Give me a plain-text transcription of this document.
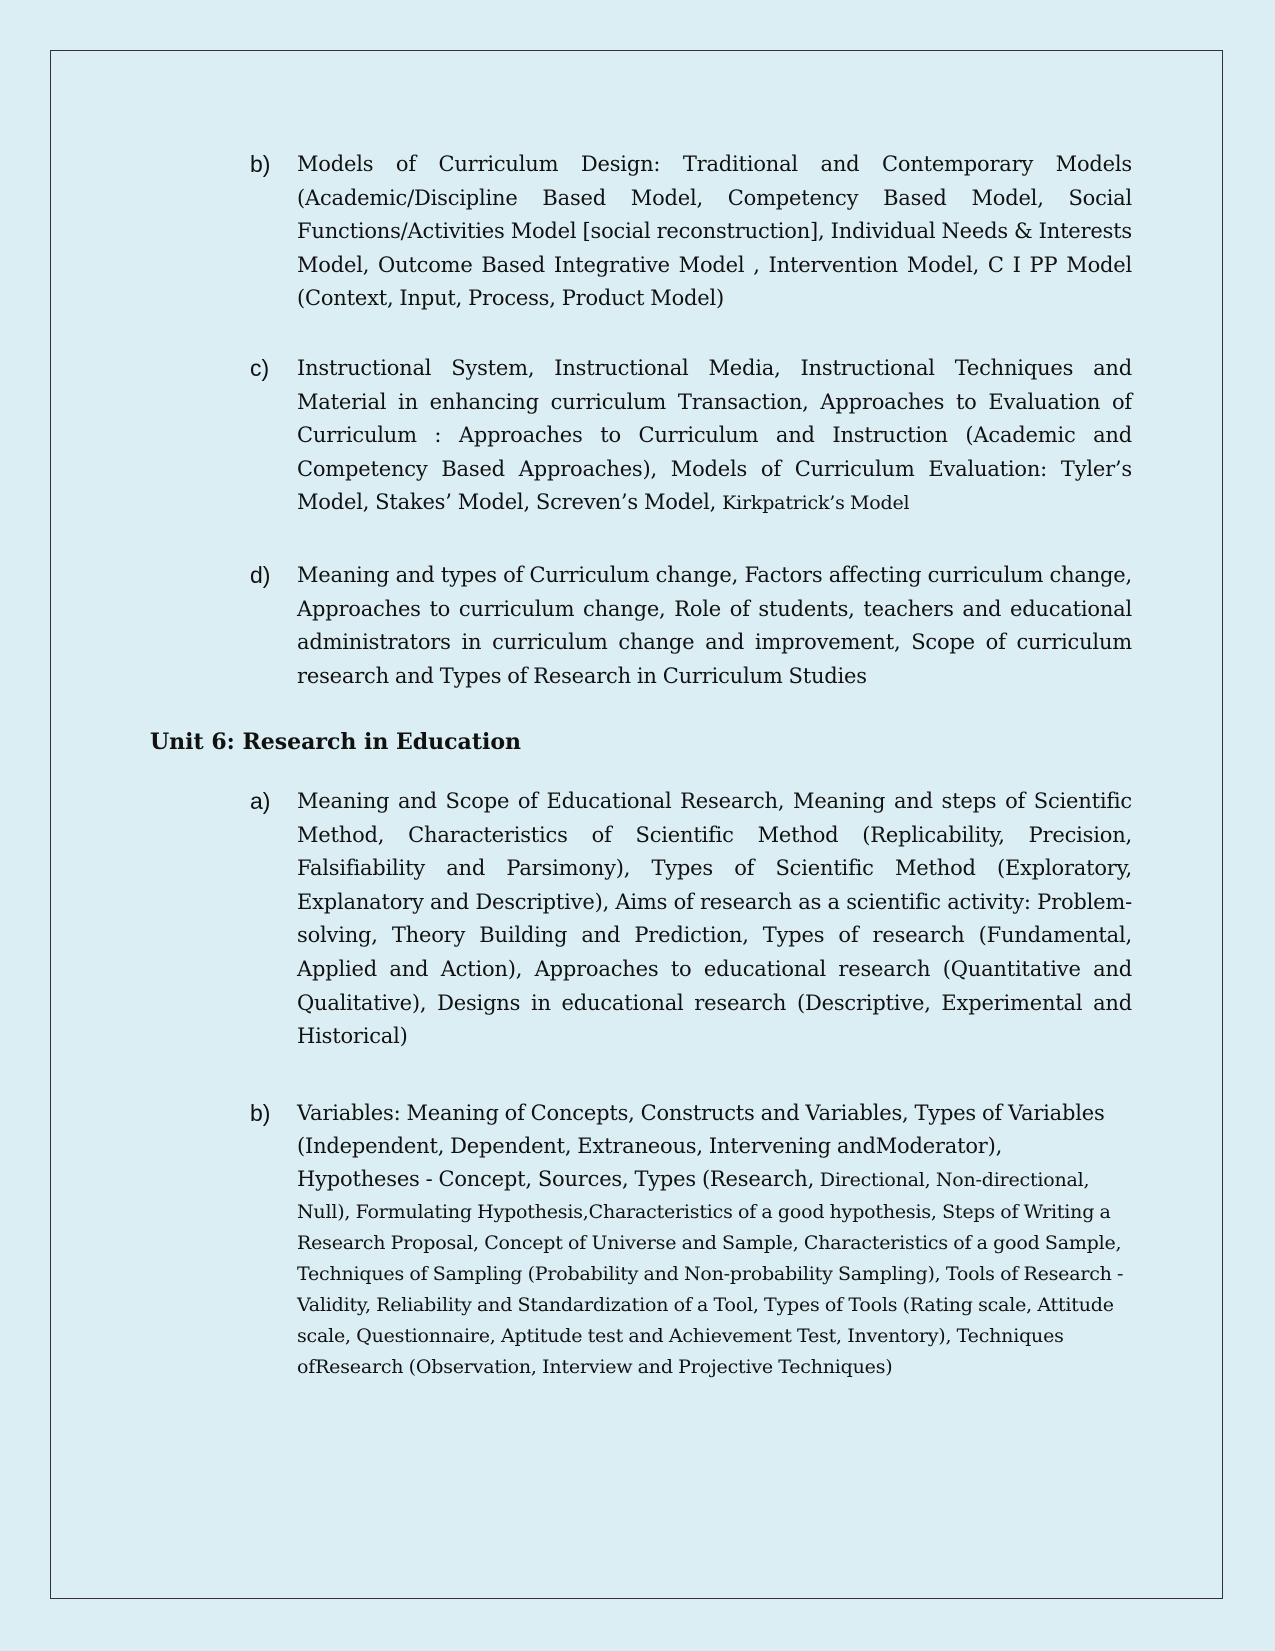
b) Models of Curriculum Design: Traditional and Contemporary Models (Academic/Discipline Based Model, Competency Based Model, Social Functions/Activities Model [social reconstruction], Individual Needs & Interests Model, Outcome Based Integrative Model , Intervention Model, C I PP Model (Context, Input, Process, Product Model)
c) Instructional System, Instructional Media, Instructional Techniques and Material in enhancing curriculum Transaction, Approaches to Evaluation of Curriculum : Approaches to Curriculum and Instruction (Academic and Competency Based Approaches), Models of Curriculum Evaluation: Tyler’s Model, Stakes’ Model, Screven’s Model, Kirkpatrick’s Model
d) Meaning and types of Curriculum change, Factors affecting curriculum change, Approaches to curriculum change, Role of students, teachers and educational administrators in curriculum change and improvement, Scope of curriculum research and Types of Research in Curriculum Studies
Unit 6: Research in Education
a) Meaning and Scope of Educational Research, Meaning and steps of Scientific Method, Characteristics of Scientific Method (Replicability, Precision, Falsifiability and Parsimony), Types of Scientific Method (Exploratory, Explanatory and Descriptive), Aims of research as a scientific activity: Problem-solving, Theory Building and Prediction, Types of research (Fundamental, Applied and Action), Approaches to educational research (Quantitative and Qualitative), Designs in educational research (Descriptive, Experimental and Historical)
b) Variables: Meaning of Concepts, Constructs and Variables, Types of Variables
(Independent, Dependent, Extraneous, Intervening andModerator),
Hypotheses - Concept, Sources, Types (Research, Directional, Non-directional,
Null), Formulating Hypothesis,Characteristics of a good hypothesis, Steps of Writing a Research Proposal, Concept of Universe and Sample, Characteristics of a good Sample, Techniques of Sampling (Probability and Non-probability Sampling), Tools of Research - Validity, Reliability and Standardization of a Tool, Types of Tools (Rating scale, Attitude scale, Questionnaire, Aptitude test and Achievement Test, Inventory), Techniques ofResearch (Observation, Interview and Projective Techniques)
